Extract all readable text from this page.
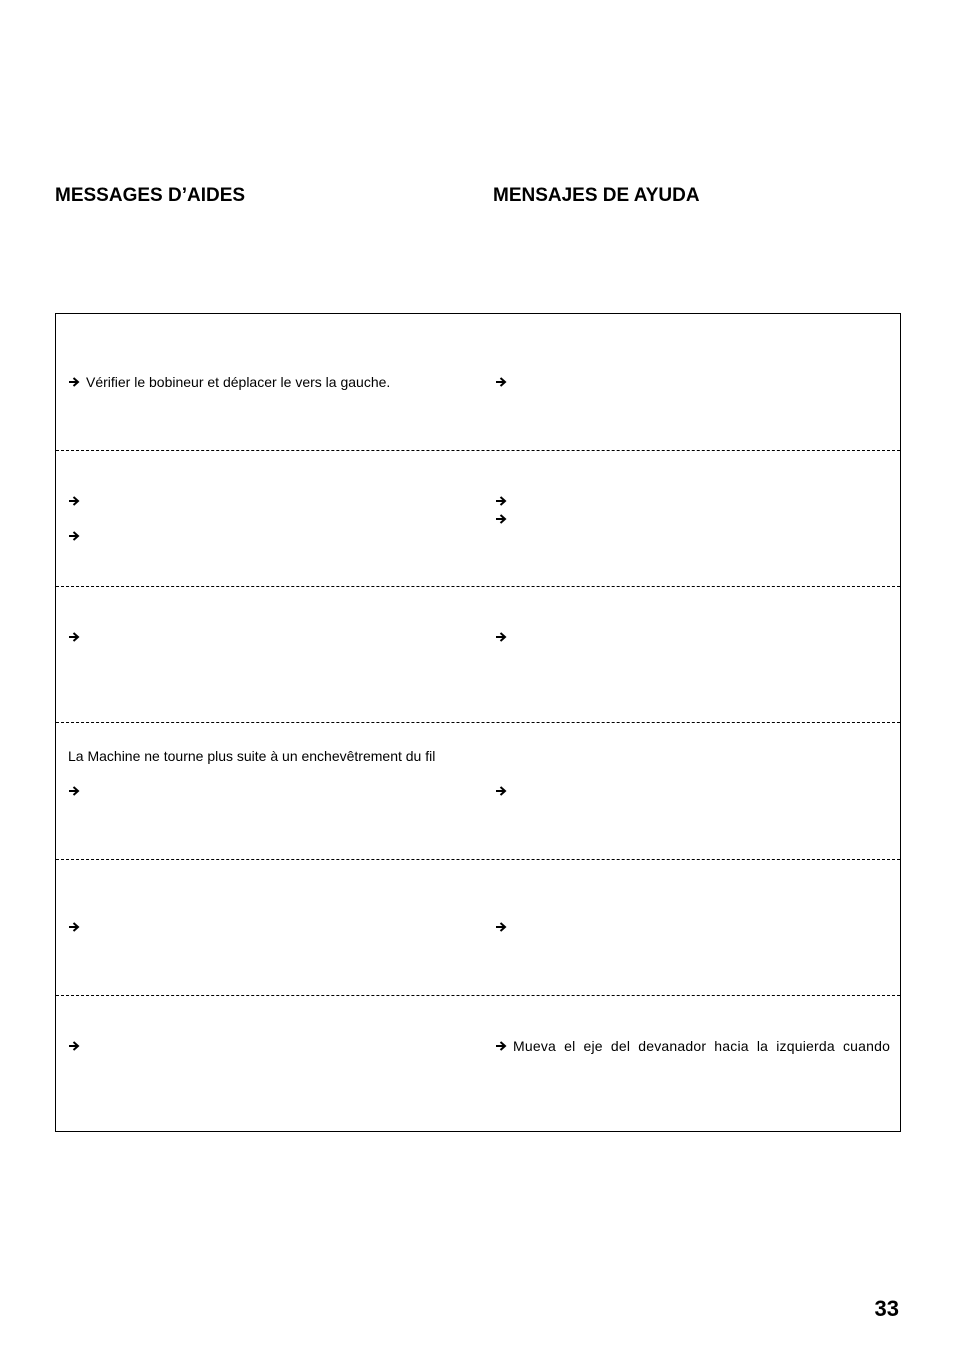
MESSAGES D’AIDES	MENSAJES DE AYUDA
Vérifier le bobineur et déplacer le vers la gauche.
La Machine ne tourne plus suite à un enchevêtrement du fil
Mueva el eje del devanador hacia la izquierda cuando
33
